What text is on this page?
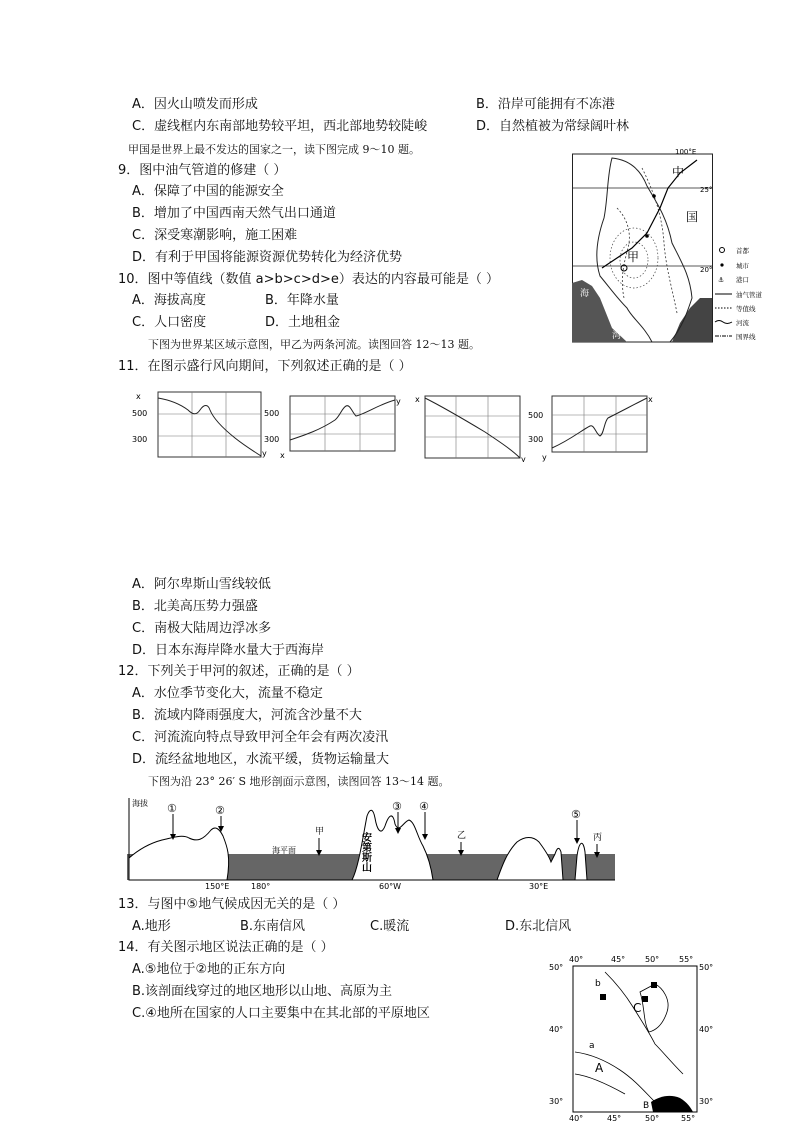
A．因火山喷发而形成	B．沿岸可能拥有不冻港
C．虚线框内东南部地势较平坦，西北部地势较陡峻	D．自然植被为常绿阔叶林
甲国是世界上最不发达的国家之一，读下图完成 9～10 题。
9．图中油气管道的修建（ ）
A．保障了中国的能源安全
B．增加了中国西南天然气出口通道
C．深受寒潮影响，施工困难
D．有利于甲国将能源资源优势转化为经济优势
10．图中等值线（数值 a>b>c>d>e）表达的内容最可能是（ ）
A．海拔高度	B．年降水量
C．人口密度	D．土地租金
下图为世界某区域示意图，甲乙为两条河流。读图回答 12～13 题。
100°E
25°
20°
中
国
甲
海
湾
首都
城市
⚓ 港口
油气管道
等值线
河流
国界线
11．在图示盛行风向期间，下列叙述正确的是（ ）
x
500
300
y
500
300
x
y x
y
500
300
y
x
A．阿尔卑斯山雪线较低
B．北美高压势力强盛
C．南极大陆周边浮冰多
D．日本东海岸降水量大于西海岸
12．下列关于甲河的叙述，正确的是（ ）
A．水位季节变化大，流量不稳定
B．流域内降雨强度大，河流含沙量不大
C．河流流向特点导致甲河全年会有两次凌汛
D．流经盆地地区，水流平缓，货物运输量大
下图为沿 23° 26′ S 地形剖面示意图，读图回答 13～14 题。
海拔
安第斯山
海平面
①	②	③ ④
⑤
甲	乙	丙
150°E	180°	60°W	30°E
13．与图中⑤地气候成因无关的是（ ）
A.地形	B.东南信风	C.暖流	D.东北信风
14．有关图示地区说法正确的是（ ）
A.⑤地位于②地的正东方向
B.该剖面线穿过的地区地形以山地、高原为主
C.④地所在国家的人口主要集中在其北部的平原地区
40°	45° 50° 55°
40°	45°	50°	55°
50°
40°
30°
50°
40°
30°
b
C
a
A
B
